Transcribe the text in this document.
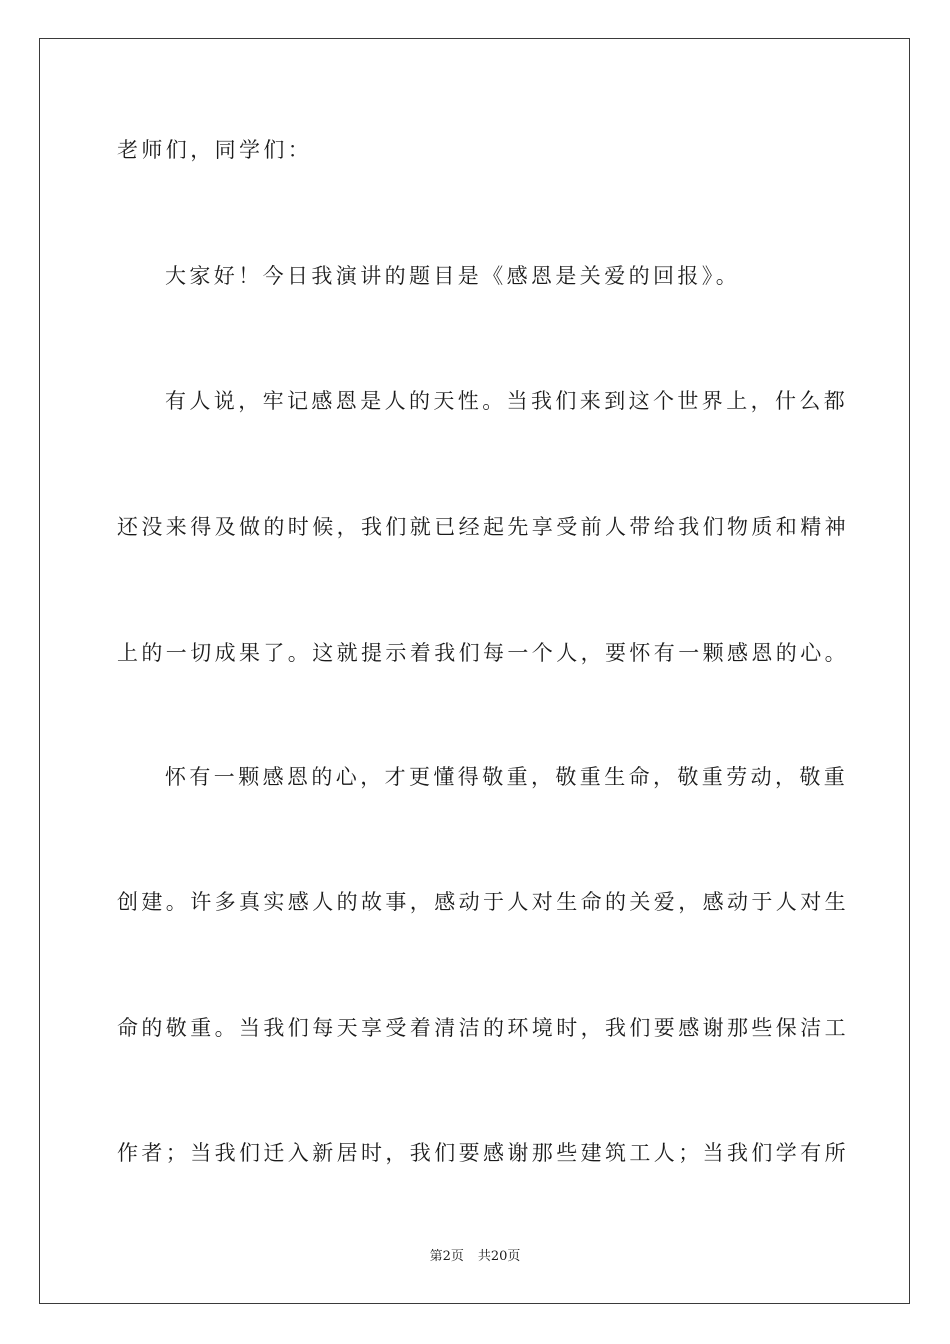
老师们，同学们：
大家好！今日我演讲的题目是《感恩是关爱的回报》。
有人说，牢记感恩是人的天性。当我们来到这个世界上，什么都
还没来得及做的时候，我们就已经起先享受前人带给我们物质和精神
上的一切成果了。这就提示着我们每一个人，要怀有一颗感恩的心。
怀有一颗感恩的心，才更懂得敬重，敬重生命，敬重劳动，敬重
创建。许多真实感人的故事，感动于人对生命的关爱，感动于人对生
命的敬重。当我们每天享受着清洁的环境时，我们要感谢那些保洁工
作者；当我们迁入新居时，我们要感谢那些建筑工人；当我们学有所
第2页 共20页
